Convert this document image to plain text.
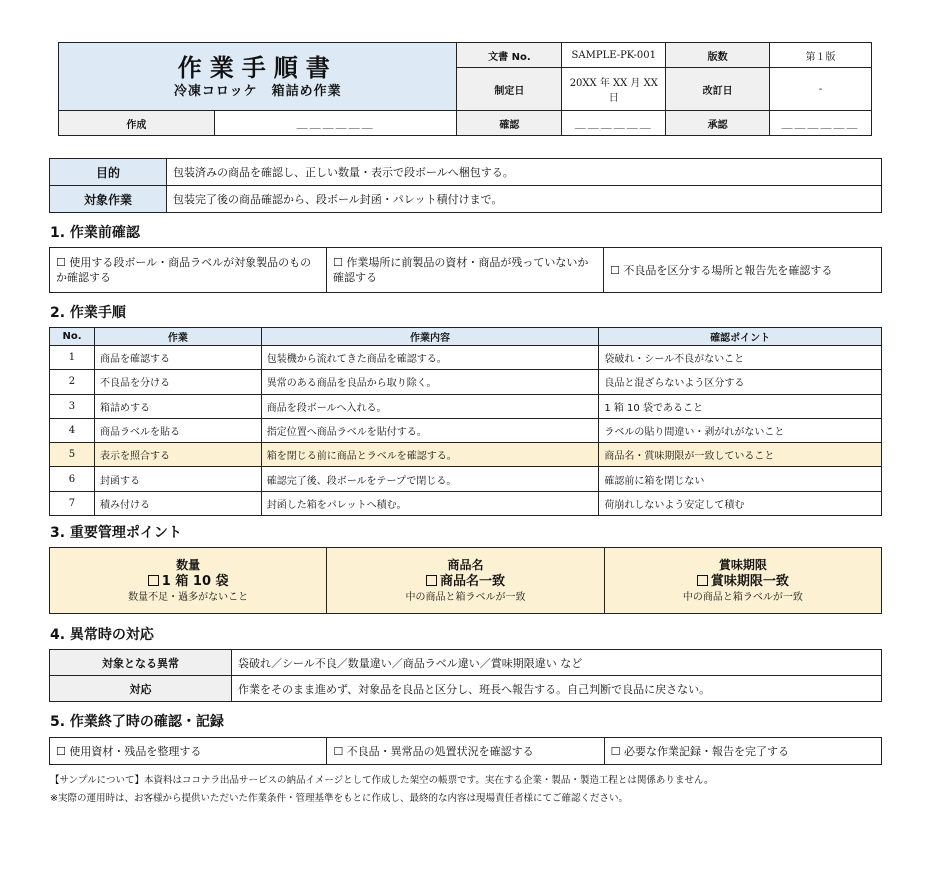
作業手順書
冷凍コロッケ　箱詰め作業		文書 No.	SAMPLE-PK-001	版数	第１版
		制定日	20XX 年 XX 月 XX 日	改訂日	-
作成	＿＿＿＿＿＿	確認	＿＿＿＿＿＿	承認	＿＿＿＿＿＿
目的	包装済みの商品を確認し、正しい数量・表示で段ボールへ梱包する。
対象作業	包装完了後の商品確認から、段ボール封函・パレット積付けまで。
1. 作業前確認
☐ 使用する段ボール・商品ラベルが対象製品のものか確認する	☐ 作業場所に前製品の資材・商品が残っていないか確認する	☐ 不良品を区分する場所と報告先を確認する
2. 作業手順
No.	作業	作業内容	確認ポイント
1	商品を確認する	包装機から流れてきた商品を確認する。	袋破れ・シール不良がないこと
2	不良品を分ける	異常のある商品を良品から取り除く。	良品と混ざらないよう区分する
3	箱詰めする	商品を段ボールへ入れる。	1 箱 10 袋であること
4	商品ラベルを貼る	指定位置へ商品ラベルを貼付する。	ラベルの貼り間違い・剥がれがないこと
5	表示を照合する	箱を閉じる前に商品とラベルを確認する。	商品名・賞味期限が一致していること
6	封函する	確認完了後、段ボールをテープで閉じる。	確認前に箱を閉じない
7	積み付ける	封函した箱をパレットへ積む。	荷崩れしないよう安定して積む
3. 重要管理ポイント
数量
1 箱 10 袋
数量不足・過多がないこと

商品名
商品名一致
中の商品と箱ラベルが一致

賞味期限
賞味期限一致
中の商品と箱ラベルが一致
4. 異常時の対応
対象となる異常	袋破れ／シール不良／数量違い／商品ラベル違い／賞味期限違い など
対応	作業をそのまま進めず、対象品を良品と区分し、班長へ報告する。自己判断で良品に戻さない。
5. 作業終了時の確認・記録
☐ 使用資材・残品を整理する	☐ 不良品・異常品の処置状況を確認する	☐ 必要な作業記録・報告を完了する
【サンプルについて】本資料はココナラ出品サービスの納品イメージとして作成した架空の帳票です。実在する企業・製品・製造工程とは関係ありません。
※実際の運用時は、お客様から提供いただいた作業条件・管理基準をもとに作成し、最終的な内容は現場責任者様にてご確認ください。
